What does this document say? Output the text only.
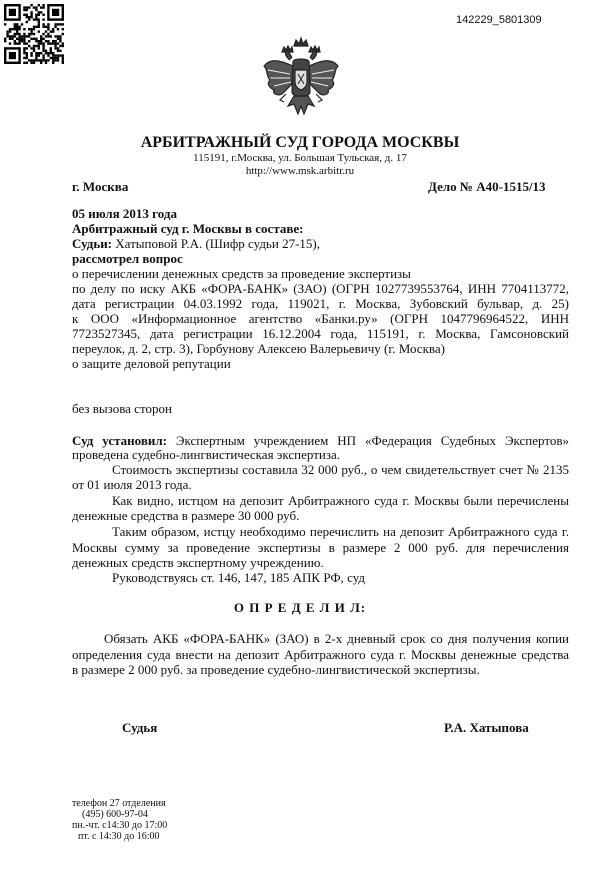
142229_5801309
АРБИТРАЖНЫЙ СУД ГОРОДА МОСКВЫ
115191, г.Москва, ул. Большая Тульская, д. 17
http://www.msk.arbitr.ru
г. Москва	Дело № А40-1515/13
05 июля 2013 года
Арбитражный суд г. Москвы в составе:
Судьи: Хатыповой Р.А. (Шифр судьи 27-15),
рассмотрел вопрос
о перечислении денежных средств за проведение экспертизы
по делу по иску АКБ «ФОРА-БАНК» (ЗАО) (ОГРН 1027739553764, ИНН 7704113772,
дата регистрации 04.03.1992 года, 119021, г. Москва, Зубовский бульвар, д. 25)
к ООО «Информационное агентство «Банки.ру» (ОГРН 1047796964522, ИНН
7723527345, дата регистрации 16.12.2004 года, 115191, г. Москва, Гамсоновский
переулок, д. 2, стр. 3), Горбунову Алексею Валерьевичу (г. Москва)
о защите деловой репутации
без вызова сторон
Суд установил: Экспертным учреждением НП «Федерация Судебных Экспертов»
проведена судебно-лингвистическая экспертиза.
Стоимость экспертизы составила 32 000 руб., о чем свидетельствует счет № 2135
от 01 июля 2013 года.
Как видно, истцом на депозит Арбитражного суда г. Москвы были перечислены
денежные средства в размере 30 000 руб.
Таким образом, истцу необходимо перечислить на депозит Арбитражного суда г.
Москвы сумму за проведение экспертизы в размере 2 000 руб. для перечисления
денежных средств экспертному учреждению.
Руководствуясь ст. 146, 147, 185 АПК РФ, суд
О П Р Е Д Е Л И Л:
Обязать АКБ «ФОРА-БАНК» (ЗАО) в 2-х дневный срок со дня получения копии
определения суда внести на депозит Арбитражного суда г. Москвы денежные средства
в размере 2 000 руб. за проведение судебно-лингвистической экспертизы.
Судья	Р.А. Хатыпова
телефон 27 отделения
(495) 600-97-04
пн.-чт. с14:30 до 17:00
пт. с 14:30 до 16:00
